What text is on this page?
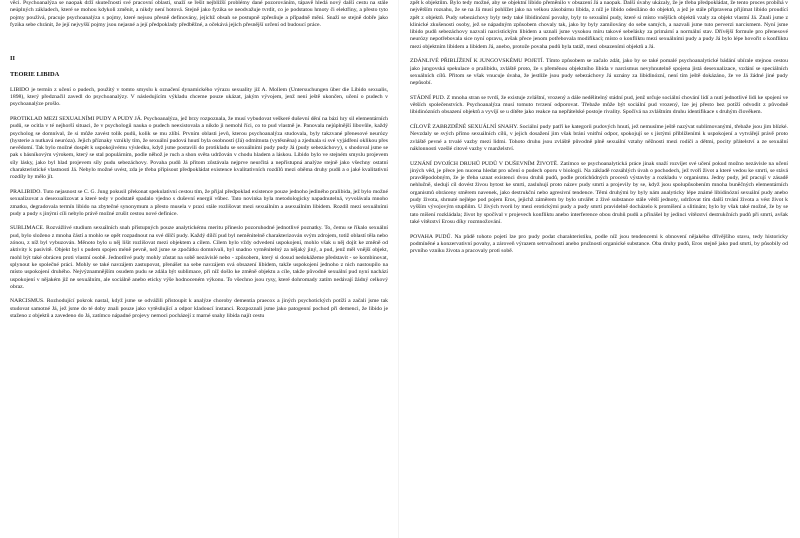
věci. Psychoanalýza se naopak drží skutečnosti své pracovní oblasti, snaží se řešit nejbližší problémy dané pozorováním, tápavě hledá nový další cestu na stále neúplných základech, které se mohou kdykoli změnit, a nikdy není hotová. Stejně jako fyzika se neodvažuje tvrdit, co je podstatou hmoty či elektřiny, a přesto tyto pojmy používá, pracuje psychoanalýza s pojmy, které nejsou přesně definovány, jejichž obsah se postupně zpřesňuje a případně mění. Snaží se stejně dobře jako fyzika sebe chránit, že její nejvyšší pojmy jsou nejasné a její předpoklady předběžné, a očekává jejich přesnější určení od budoucí práce.

II

TEORIE LIBIDA

LIBIDO je termín z učení o pudech, použitý v tomto smyslu k označení dynamického výrazu sexuality již A. Mollem (Untersuchungen über die Libido sexualis, 1898), který předznačil zavedl do psychoanalýzy. V následujícím výkladu chceme pouze ukázat, jakým vývojem, jenž není ještě ukončen, učení o pudech v psychoanalýze prošlo.

PROTIKLAD MEZI SEXUALNÍMI PUDY A PUDY JÁ. Psychoanalýza, jež brzy rozpoznala, že musí vybudovat veškeré duševní dění na bázi hry sil elementárních pudů, se ocitla v té nejhorší situaci, že v psychologii nauka o pudech neexistovala a nikdo ji nemohl říci, co to pud vlastně je. Panovala nejúplnější libovůle, každý psycholog se domníval, že si může zavést tolik pudů, kolik se mu zlíbí. Prvním oblasti jevů, kterou psychoanalýza studovala, byly takzvané přenesové neurózy (hysterie a nutkavá neuróza). Jejich příznaky vznikly tím, že sexuální pudová hnutí byla osobností (Já) odmítnuta (vytěsněna) a zjednala si své vyjádření oklikou přes nevědomí. Tak bylo možné dospět k uspokojivému výsledku, když jsme postavili do protikladu se sexuálními pudy pudy Já (pudy sebezáchovy), s shodoval jsme se pak s básníkovým výrokem, který se stal populárním, podle něhož je ruch a shon světa udržován v chodu hladem a láskou. Libido bylo ve stejném smyslu projevem síly lásky, jako byl hlad projevem síly pudu sebezáchovy. Povaha pudů Já přitom zůstávala nejprve neurčitá a nepřístupná analýze stejně jako všechny ostatní charakteristické vlastnosti Já. Nebylo možné uvést, zda je třeba připisout předpokládat existence kvalitativních rozdílů mezi oběma druhy pudů a o jaké kvalitativní rozdíly by mělo jít.

PRALIBIDO. Tuto nejasnost se C. G. Jung pokusil překonat spekulativní cestou tím, že přijal předpoklad existence pouze jednoho jediného pralibida, jež bylo možné sexualizovat a desexualizovat a které tedy v podstatě spadalo vjedno s duševní energií vůbec. Tato novinka byla metodologicky napadnutelná, vyvolávala mnoho zmatku, degradovala termín libido na zbytečné synonymum a přesto musela v praxi stále rozlišovat mezi sexuálním a asexuálním libidem. Rozdíl mezi sexuálními pudy a pudy s jinými cíli nebylo právě možné zrušit cestou nové definice.

SUBLIMACE. Rozvážlivé studium sexuálních snah přístupných pouze analytickému meritu přineslo pozoruhodné jednotlivé poznatky. To, čemu se říkalo sexuální pud, bylo složeno z mnoha částí a mohlo se opět rozpadnout na své dílčí pudy. Každý dílčí pud byl neměnitelně charakterizován svým zdrojem, totiž oblastí těla nebo zónou, z níž byl vybuzován. Měnoto bylo u něj lišit rozlišovat mezi objektem a cílem. Cílem bylo vždy odvedení uspokojení, mohlo však u něj dojít ke změně od aktivity k pasivitě. Objekt byl s pudem spojen méně pevně, než jsme se zpočátku domnívali, byl snadno vyměnitelný za nějaký jiný, a pud, jenž měl vnější objekt, mohl být také obrácen proti vlastní osobě. Jednotlivé pudy mohly zůstat na sobě nezávislé nebo - způsobem, který si dosud nedokážeme představit - se kombinovat, splynout ke společné práci. Mohly se také navzájem zastupovat, přenášet na sebe navzájem svá obsazení libidem, takže uspokojení jednoho z nich nastoupilo na místo uspokojení druhého. Nejvýznamnějším osudem pudu se zdála být sublimace, při níž došlo ke změně objektu a cíle, takže původně sexuální pud nyní nachází uspokojení v nějakém již ne sexuálním, ale sociálně anebo eticky výše hodnoceném výkonu. To všechno jsou rysy, které dohromady zatím nedávají žádný celkový obraz.

NARCISMUS. Rozhodující pokrok nastal, když jsme se odvážili přistoupit k analýze choroby dementia praecox a jiných psychotických potíží a začali jsme tak studovat samotné Já, jež jsme do té doby znali pouze jako vytěsňující a odpor kladoucí instanci. Rozpoznali jsme jako patogenní pochod při demenci, že libido je staženo z objektů a zavedeno do Já, zatímco nápadné projevy nemoci pocházejí z marné snahy libida najít cestu

zpět k objektům. Bylo tedy možné, aby se objektní libido přeměnilo v obsazení Já a naopak. Další úvahy ukázaly, že je třeba předpokládat, že tento proces probíhá v největším rozsahu, že se na Já musí pohlížet jako na velkou zásobárnu libida, z níž je libido odesíláno do objektů, a jež je stále připravena přijímat libido proudící zpět z objektů. Pudy sebezáchovy byly tedy také libidinózní povahy, byly to sexuální pudy, které si místo vnějších objektů vzaly za objekt vlastní Já. Znali jsme z klinické zkušenosti osoby, jež se nápadným způsobem chovaly tak, jako by byly zamilovány do sebe samých, a nazvali jsme tuto perverzi narcismem. Nyní jsme libido pudů sebezáchovy nazvali narcistickým libidem a uznali jsme vysokou míru takové sebelásky za primární a normální stav. Dřívější formule pro přenesové neurózy nepotřebovala sice nyní opravu, avšak přece jenom potřebovala modifikaci; místo o konfliktu mezi sexuálními pudy a pudy Já bylo lépe hovořit o konfliktu mezi objektním libidem a libidem Já, anebo, protože povaha pudů byla tatáž, mezi obsazeními objektů a Já.

ZDÁNLIVÉ PŘIBLÍŽENÍ K JUNGOVSKÉMU POJETÍ. Tímto způsobem se začalo zdát, jako by se také pomalé psychoanalytické bádání ubírale stejnou cestou jako jungovská spekulace o pralibidu, zvláště proto, že s přeměnou objektního libida v narcismus nevyhnutelně spojena jistá desexualizace, vzdání se speciálních sexuálních cílů. Přitom se však vnucuje úvaha, že jestliže jsou pudy sebezáchovy Já uznány za libidinózní, není tím ještě dokázáno, že ve Já žádné jiné pudy nepůsobí.

STÁDNÍ PUD. Z mnoha stran se tvrdí, že existuje zvláštní, vrozený a dále nedělitelný stádní pud, jenž určuje sociální chování lidí a nutí jednotlivé lidi ke spojení ve větších společenstvích. Psychoanalýza musí tomuto tvrzení odporovat. Třebaže může být sociální pud vrozený, lze jej přesto bez potíží odvodit z původně libidinózních obsazení objektů a vyvíjí se u dítěte jako reakce na nepřátelské postoje rivality. Spočívá na zvláštním druhu identifikace s druhým člověkem.

CÍLOVĚ ZABRZDĚNÉ SEXUÁLNÍ SNAHY. Sociální pudy patří ke kategorii pudových hnutí, jež nemusíme ještě nazývat sublimovanými, třebaže jsou jim blízké. Nevzdaly se svých přímo sexuálních cílů, v jejich dosažení jim však brání vnitřní odpor, spokojují se s jistými přiblíženími k uspokojení a vytvářejí právě proto zvláště pevné a trvalé vazby mezi lidmi. Tohoto druhu jsou zvláště původně plně sexuální vztahy něžnosti mezi rodiči a dětmi, pocity přátelství a ze sexuální náklonnosti vzešlé citové vazby v manželství.

UZNÁNÍ DVOJÍCH DRUHŮ PUDŮ V DUŠEVNÍM ŽIVOTĚ. Zatímco se psychoanalytická práce jinak snaží rozvíjet své učení pokud možno nezávisle na učení jiných věd, je přece jen nucena hledat pro učení o pudech oporu v biologii. Na základě rozsáhlých úvah o pochodech, jež tvoří život a které vedou ke smrti, se stává pravděpodobným, že je třeba uznat existenci dvou druhů pudů, podle protichůdných procesů výstavby a rozkladu v organismu. Jedny pudy, jež pracují v zásadě nehlučně, sledují cíl dovést živou bytost ke smrti, zasluhují proto název pudy smrti a projevily by se, když jsou spolupůsobením mnoha buněčných elementárních organismů obráceny směrem navenek, jako destrukční nebo agresivní tendence. Těmi druhými by byly nám analyticky lépe známé libidinózní sexuální pudy anebo pudy života, shrnuté nejlépe pod pojem Eros, jejichž záměrem by bylo utvářet z živé substance stále větší jednoty, udržovat tím další trvání života a vést život k vyšším vývojovým stupňům. U živých tvorů by mezi erotickými pudy a pudy smrti pravidelně docházelo k promíšení a slitinám; bylo by však také možné, že by se tato míšení rozkládala; život by spočíval v projevech konfliktu anebo interference obou druhů pudů a přinášel by jedinci vítězství destrukčních pudů při smrti, avšak také vítězství Erosu díky rozmnožování.

POVAHA PUDŮ. Na půdě tohoto pojetí lze pro pudy podat charakteristiku, podle níž jsou tendencemi k obnovení nějakého dřívějšího stavu, tedy historicky podmíněné a konzervativní povahy, a zároveň výrazem setrvačnosti anebo pružnosti organické substance. Oba druhy pudů, Eros stejně jako pud smrti, by působily od prvního vzniku života a pracovaly proti sobě.
